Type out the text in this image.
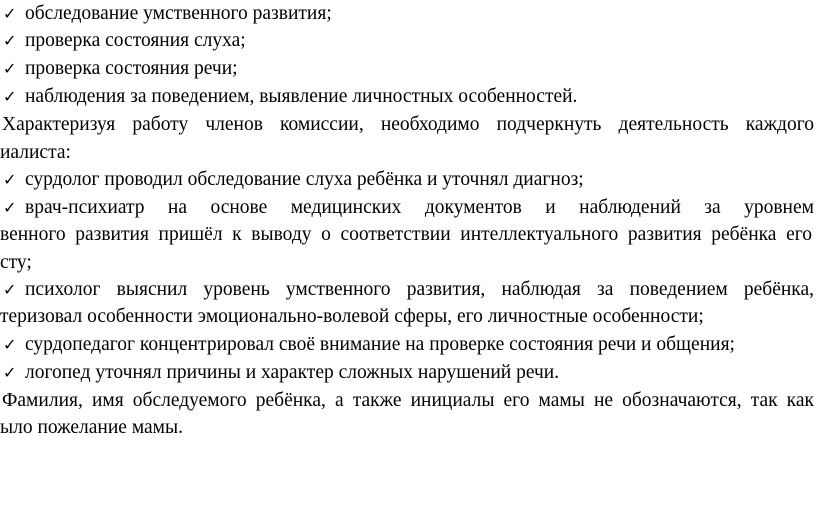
✓ обследование умственного развития;
✓ проверка состояния слуха;
✓ проверка состояния речи;
✓ наблюдения за поведением, выявление личностных особенностей.
Характеризуя работу членов комиссии, необходимо подчеркнуть деятельность каждого
иалиста:
✓ сурдолог проводил обследование слуха ребёнка и уточнял диагноз;
✓ врач-психиатр на основе медицинских документов и наблюдений за уровнем
венного развития пришёл к выводу о соответствии интеллектуального развития ребёнка его
сту;
✓ психолог выяснил уровень умственного развития, наблюдая за поведением ребёнка,
теризовал особенности эмоционально-волевой сферы, его личностные особенности;
✓ сурдопедагог концентрировал своё внимание на проверке состояния речи и общения;
✓ логопед уточнял причины и характер сложных нарушений речи.
Фамилия, имя обследуемого ребёнка, а также инициалы его мамы не обозначаются, так как
ыло пожелание мамы.
